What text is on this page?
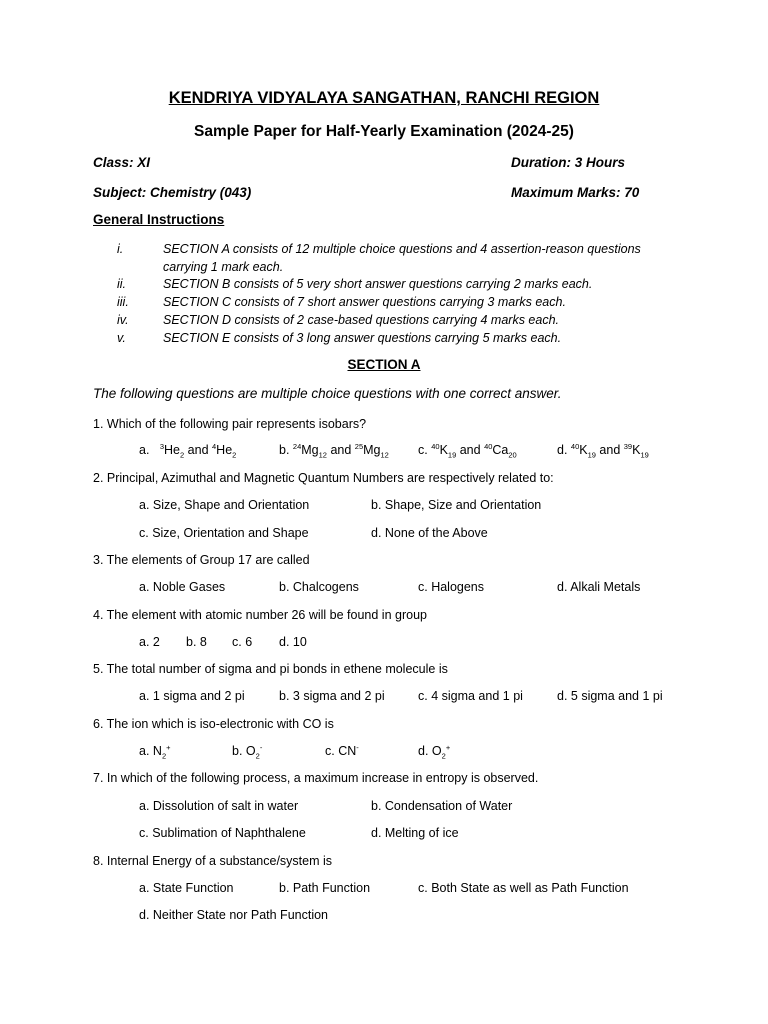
KENDRIYA VIDYALAYA SANGATHAN, RANCHI REGION
Sample Paper for Half-Yearly Examination (2024-25)
Class: XI	Duration: 3 Hours
Subject: Chemistry (043)	Maximum Marks: 70
General Instructions
i.	SECTION A consists of 12 multiple choice questions and 4 assertion-reason questions
carrying 1 mark each.
ii.	SECTION B consists of 5 very short answer questions carrying 2 marks each.
iii.	SECTION C consists of 7 short answer questions carrying 3 marks each.
iv.	SECTION D consists of 2 case-based questions carrying 4 marks each.
v.	SECTION E consists of 3 long answer questions carrying 5 marks each.
SECTION A
The following questions are multiple choice questions with one correct answer.
1. Which of the following pair represents isobars?
a. $^3He_2$ and $^4He_2$	b. $^{24}Mg_{12}$ and $^{25}Mg_{12}$ c. $^{40}K_{19}$ and $^{40}Ca_{20}$	d. $^{40}K_{19}$ and $^{39}K_{19}$
2. Principal, Azimuthal and Magnetic Quantum Numbers are respectively related to:
a. Size, Shape and Orientation	b. Shape, Size and Orientation
c. Size, Orientation and Shape	d. None of the Above
3. The elements of Group 17 are called
a. Noble Gases	b. Chalcogens	c. Halogens	d. Alkali Metals
4. The element with atomic number 26 will be found in group
a. 2 b. 8 c. 6 d. 10
5. The total number of sigma and pi bonds in ethene molecule is
a. 1 sigma and 2 pi	b. 3 sigma and 2 pi	c. 4 sigma and 1 pi	d. 5 sigma and 1 pi
6. The ion which is iso-electronic with CO is
a. $N_2^+$	b. $O_2^-$	c. CN-	d. $O_2^+$
7. In which of the following process, a maximum increase in entropy is observed.
a. Dissolution of salt in water	b. Condensation of Water
c. Sublimation of Naphthalene	d. Melting of ice
8. Internal Energy of a substance/system is
a. State Function	b. Path Function	c. Both State as well as Path Function
d. Neither State nor Path Function
